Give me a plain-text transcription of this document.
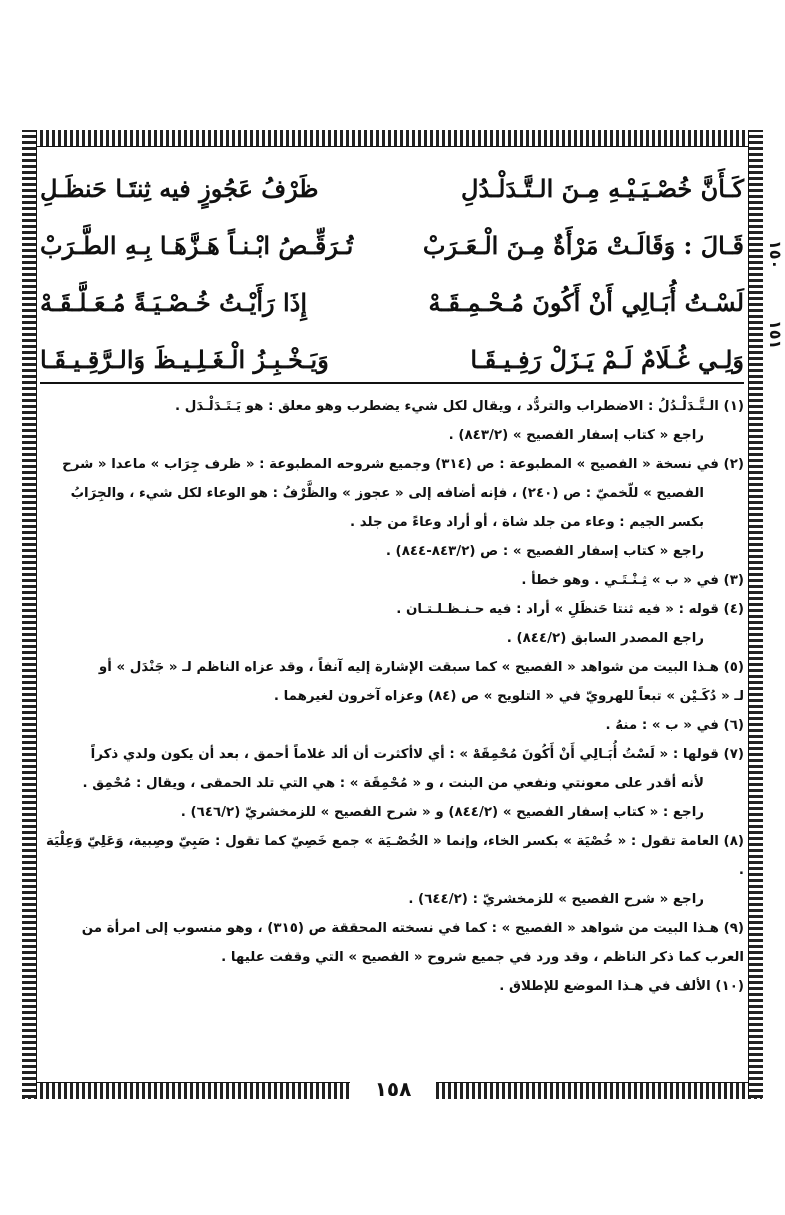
١٥٨
١٥٠
١٥١
كَـأَنَّ خُصْـيَـيْـهِ مِـنَ الـتَّـدَلْـدُلِ
ظَرْفُ عَجُوزٍ فيه ثِنتَـا حَنظَـلِ
قَـالَ : وَقَالَـتْ مَرْأَةٌ مِـنَ الْـعَـرَبْ
تُـرَقِّـصُ ابْـنـاً هَـزَّهَـا بِـهِ الطَّـرَبْ
لَسْـتُ أُبَـالِي أَنْ أَكُونَ مُـحْـمِـقَـهْ
إِذَا رَأَيْـتُ خُـصْـيَـةً مُـعَـلَّـقَـهْ
وَلِـي غُـلَامٌ لَـمْ يَـزَلْ رَفِـيـقَـا
وَيَـخْـبِـزُ الْـغَـلِـيـظَ وَالـرَّقِـيـقَـا

(١) الـتَّـدَلْـدُلُ : الاضطراب والتردُّد ، ويقال لكل شيء يضطرب وهو معلق : هو يَـتَـدَلْـدَل .

راجع « كتاب إسفار الفصيح » (٨٤٣/٢) .

(٢) في نسخة « الفصيح » المطبوعة : ص (٣١٤) وجميع شروحه المطبوعة : « ظرف جِرَاب » ماعدا « شرح

الفصيح » للّخميّ : ص (٢٤٠) ، فإنه أضافه إلى « عجوز » والظَّرْفُ : هو الوعاء لكل شيء ، والجِرَابُ

بكسر الجيم : وعاء من جلد شاة ، أو أراد وعاءً من جلد .

راجع « كتاب إسفار الفصيح » : ص (٨٤٣/٢-٨٤٤) .

(٣) في « ب » ثِـنْـتَـي . وهو خطأ .

(٤) قوله : « فيه ثنتا حَنظَلِ » أراد : فيه حـنـظـلـتـان .

راجع المصدر السابق (٨٤٤/٢) .

(٥) هـذا البيت من شواهد « الفصيح » كما سبقت الإشارة إليه آنفاً ، وقد عزاه الناظم لـ « جَنْدَل » أو

لـ « دُكَـيْن » تبعاً للهرويّ في « التلويح » ص (٨٤) وعزاه آخرون لغيرهما .

(٦) في « ب » : منهُ .

(٧) قولها : « لَسْتُ أُبَـالِي أَنْ أَكُونَ مُحْمِقَهْ » : أي لاأكثرت أن ألد غلاماً أحمق ، بعد أن يكون ولدي ذكراً

لأنه أقدر على معونتي ونفعي من البنت ، و « مُحْمِقَة » : هي التي تلد الحمقى ، ويقال : مُحْمِق .

راجع : « كتاب إسفار الفصيح » (٨٤٤/٢) و « شرح الفصيح » للزمخشريّ (٦٤٦/٢) .

(٨) العامة تقول : « خُصْيَة » بكسر الخاء، وإنما « الخُصْـيَة » جمع خَصِيّ كما تقول : صَبِيّ وصِبية، وَعَلِيّ وَعِلْيَة .

راجع « شرح الفصيح » للزمخشريّ : (٦٤٤/٢) .

(٩) هـذا البيت من شواهد « الفصيح » : كما في نسخته المحققة ص (٣١٥) ، وهو منسوب إلى امرأة من

العرب كما ذكر الناظم ، وقد ورد في جميع شروح « الفصيح » التي وقفت عليها .

(١٠) الألف في هـذا الموضع للإطلاق .
